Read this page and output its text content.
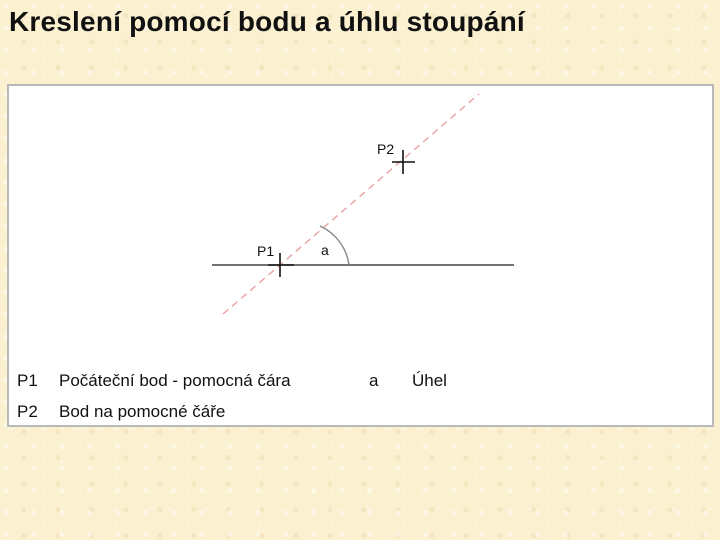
Kreslení pomocí bodu a úhlu stoupání
P1
P2
a
P1 Počáteční bod - pomocná čára	a Úhel
P2 Bod na pomocné čáře
